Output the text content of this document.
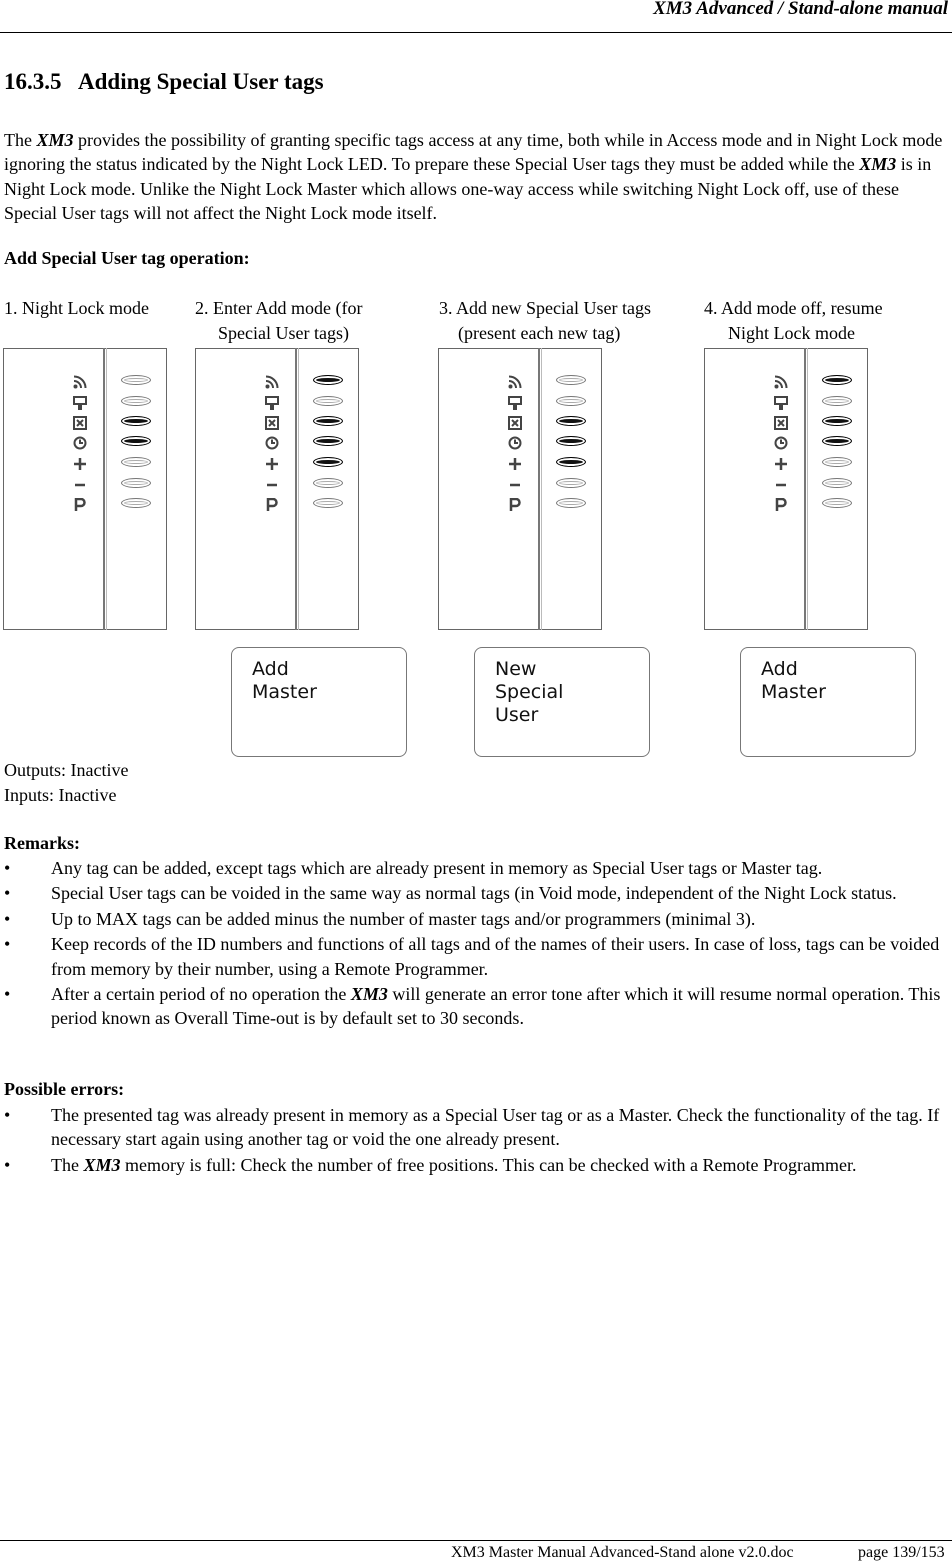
XM3 Advanced / Stand-alone manual
16.3.5 Adding Special User tags
The XM3 provides the possibility of granting specific tags access at any time, both while in Access mode and in Night Lock mode ignoring the status indicated by the Night Lock LED. To prepare these Special User tags they must be added while the XM3 is in Night Lock mode. Unlike the Night Lock Master which allows one-way access while switching Night Lock off, use of these Special User tags will not affect the Night Lock mode itself.
Add Special User tag operation:
1. Night Lock mode	2. Enter Add mode (for
Special User tags)
3. Add new Special User tags
(present each new tag)
4. Add mode off, resume
Night Lock mode
Add
Master
New
Special
User
Add
Master
Outputs: Inactive
Inputs: Inactive
Remarks:
• Any tag can be added, except tags which are already present in memory as Special User tags or Master tag.
• Special User tags can be voided in the same way as normal tags (in Void mode, independent of the Night Lock status.
• Up to MAX tags can be added minus the number of master tags and/or programmers (minimal 3).
• Keep records of the ID numbers and functions of all tags and of the names of their users. In case of loss, tags can be voided from memory by their number, using a Remote Programmer.
• After a certain period of no operation the XM3 will generate an error tone after which it will resume normal operation. This period known as Overall Time-out is by default set to 30 seconds.
Possible errors:
• The presented tag was already present in memory as a Special User tag or as a Master. Check the functionality of the tag. If necessary start again using another tag or void the one already present.
• The XM3 memory is full: Check the number of free positions. This can be checked with a Remote Programmer.
XM3 Master Manual Advanced-Stand alone v2.0.doc	page 139/153
